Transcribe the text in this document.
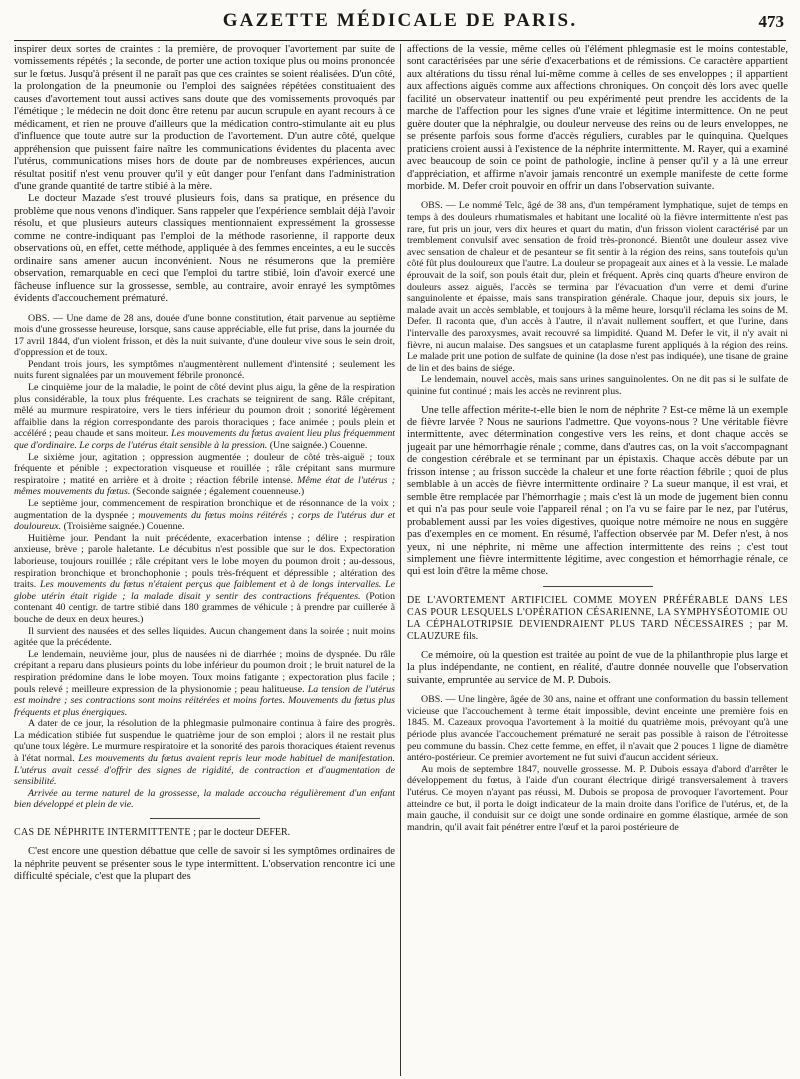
GAZETTE MÉDICALE DE PARIS.	473

inspirer deux sortes de craintes : la première, de provoquer l'avortement par suite de vomissements répétés ; la seconde, de porter une action toxique plus ou moins prononcée sur le fœtus. Jusqu'à présent il ne paraît pas que ces craintes se soient réalisées. D'un côté, la prolongation de la pneumonie ou l'emploi des saignées répétées constituaient des causes d'avortement tout aussi actives sans doute que des vomissements provoqués par l'émétique ; le médecin ne doit donc être retenu par aucun scrupule en ayant recours à ce médicament, et rien ne prouve d'ailleurs que la médication contro-stimulante ait eu plus d'influence que toute autre sur la production de l'avortement. D'un autre côté, quelque appréhension que puissent faire naître les communications évidentes du placenta avec l'utérus, communications mises hors de doute par de nombreuses expériences, aucun résultat positif n'est venu prouver qu'il y eût danger pour l'enfant dans l'administration d'une grande quantité de tartre stibié à la mère.

Le docteur Mazade s'est trouvé plusieurs fois, dans sa pratique, en présence du problème que nous venons d'indiquer. Sans rappeler que l'expérience semblait déjà l'avoir résolu, et que plusieurs auteurs classiques mentionnaient expressément la grossesse comme ne contre-indiquant pas l'emploi de la méthode rasorienne, il rapporte deux observations où, en effet, cette méthode, appliquée à des femmes enceintes, a eu le succès ordinaire sans amener aucun inconvénient. Nous ne résumerons que la première observation, remarquable en ceci que l'emploi du tartre stibié, loin d'avoir exercé une fâcheuse influence sur la grossesse, semble, au contraire, avoir enrayé les symptômes évidents d'accouchement prématuré.

OBS. — Une dame de 28 ans, douée d'une bonne constitution, était parvenue au septième mois d'une grossesse heureuse, lorsque, sans cause appréciable, elle fut prise, dans la journée du 17 avril 1844, d'un violent frisson, et dès la nuit suivante, d'une douleur vive sous le sein droit, d'oppression et de toux.

Pendant trois jours, les symptômes n'augmentèrent nullement d'intensité ; seulement les nuits furent signalées par un mouvement fébrile prononcé.

Le cinquième jour de la maladie, le point de côté devint plus aigu, la gêne de la respiration plus considérable, la toux plus fréquente. Les crachats se teignirent de sang. Râle crépitant, mêlé au murmure respiratoire, vers le tiers inférieur du poumon droit ; sonorité légèrement affaiblie dans la région correspondante des parois thoraciques ; face animée ; pouls plein et accéléré ; peau chaude et sans moiteur. Les mouvements du fœtus avaient lieu plus fréquemment que d'ordinaire. Le corps de l'utérus était sensible à la pression. (Une saignée.) Couenne.

Le sixième jour, agitation ; oppression augmentée ; douleur de côté très-aiguë ; toux fréquente et pénible ; expectoration visqueuse et rouillée ; râle crépitant sans murmure respiratoire ; matité en arrière et à droite ; réaction fébrile intense. Même état de l'utérus ; mêmes mouvements du fœtus. (Seconde saignée ; également couenneuse.)

Le septième jour, commencement de respiration bronchique et de résonnance de la voix ; augmentation de la dyspnée ; mouvements du fœtus moins réitérés ; corps de l'utérus dur et douloureux. (Troisième saignée.) Couenne.

Huitième jour. Pendant la nuit précédente, exacerbation intense ; délire ; respiration anxieuse, brève ; parole haletante. Le décubitus n'est possible que sur le dos. Expectoration laborieuse, toujours rouillée ; râle crépitant vers le lobe moyen du poumon droit ; au-dessous, respiration bronchique et bronchophonie ; pouls très-fréquent et dépressible ; altération des traits. Les mouvements du fœtus n'étaient perçus que faiblement et à de longs intervalles. Le globe utérin était rigide ; la malade disait y sentir des contractions fréquentes. (Potion contenant 40 centigr. de tartre stibié dans 180 grammes de véhicule ; à prendre par cuillerée à bouche de deux en deux heures.)

Il survient des nausées et des selles liquides. Aucun changement dans la soirée ; nuit moins agitée que la précédente.

Le lendemain, neuvième jour, plus de nausées ni de diarrhée ; moins de dyspnée. Du râle crépitant a reparu dans plusieurs points du lobe inférieur du poumon droit ; le bruit naturel de la respiration prédomine dans le lobe moyen. Toux moins fatigante ; expectoration plus facile ; pouls relevé ; meilleure expression de la physionomie ; peau halitueuse. La tension de l'utérus est moindre ; ses contractions sont moins réitérées et moins fortes. Mouvements du fœtus plus fréquents et plus énergiques.

A dater de ce jour, la résolution de la phlegmasie pulmonaire continua à faire des progrès. La médication stibiée fut suspendue le quatrième jour de son emploi ; alors il ne restait plus qu'une toux légère. Le murmure respiratoire et la sonorité des parois thoraciques étaient revenus à l'état normal. Les mouvements du fœtus avaient repris leur mode habituel de manifestation. L'utérus avait cessé d'offrir des signes de rigidité, de contraction et d'augmentation de sensibilité.

Arrivée au terme naturel de la grossesse, la malade accoucha régulièrement d'un enfant bien développé et plein de vie.

CAS DE NÉPHRITE INTERMITTENTE ; par le docteur DEFER.

C'est encore une question débattue que celle de savoir si les symptômes ordinaires de la néphrite peuvent se présenter sous le type intermittent. L'observation rencontre ici une difficulté spéciale, c'est que la plupart des

affections de la vessie, même celles où l'élément phlegmasie est le moins contestable, sont caractérisées par une série d'exacerbations et de rémissions. Ce caractère appartient aux altérations du tissu rénal lui-même comme à celles de ses enveloppes ; il appartient aux affections aiguës comme aux affections chroniques. On conçoit dès lors avec quelle facilité un observateur inattentif ou peu expérimenté peut prendre les accidents de la marche de l'affection pour les signes d'une vraie et légitime intermittence. On ne peut guère douter que la néphralgie, ou douleur nerveuse des reins ou de leurs enveloppes, ne se présente parfois sous forme d'accès réguliers, curables par le quinquina. Quelques praticiens croient aussi à l'existence de la néphrite intermittente. M. Rayer, qui a examiné avec beaucoup de soin ce point de pathologie, incline à penser qu'il y a là une erreur d'appréciation, et affirme n'avoir jamais rencontré un exemple manifeste de cette forme morbide. M. Defer croit pouvoir en offrir un dans l'observation suivante.

OBS. — Le nommé Telc, âgé de 38 ans, d'un tempérament lymphatique, sujet de temps en temps à des douleurs rhumatismales et habitant une localité où la fièvre intermittente n'est pas rare, fut pris un jour, vers dix heures et quart du matin, d'un frisson violent caractérisé par un tremblement convulsif avec sensation de froid très-prononcé. Bientôt une douleur assez vive avec sensation de chaleur et de pesanteur se fit sentir à la région des reins, sans toutefois qu'un côté fût plus douloureux que l'autre. La douleur se propageait aux aines et à la vessie. Le malade éprouvait de la soif, son pouls était dur, plein et fréquent. Après cinq quarts d'heure environ de douleurs assez aiguës, l'accès se termina par l'évacuation d'un verre et demi d'urine sanguinolente et épaisse, mais sans transpiration générale. Chaque jour, depuis six jours, le malade avait un accès semblable, et toujours à la même heure, lorsqu'il réclama les soins de M. Defer. Il raconta que, d'un accès à l'autre, il n'avait nullement souffert, et que l'urine, dans l'intervalle des paroxysmes, avait recouvré sa limpidité. Quand M. Defer le vit, il n'y avait ni fièvre, ni aucun malaise. Des sangsues et un cataplasme furent appliqués à la région des reins. Le malade prit une potion de sulfate de quinine (la dose n'est pas indiquée), une tisane de graine de lin et des bains de siége.

Le lendemain, nouvel accès, mais sans urines sanguinolentes. On ne dit pas si le sulfate de quinine fut continué ; mais les accès ne revinrent plus.

Une telle affection mérite-t-elle bien le nom de néphrite ? Est-ce même là un exemple de fièvre larvée ? Nous ne saurions l'admettre. Que voyons-nous ? Une véritable fièvre intermittente, avec détermination congestive vers les reins, et dont chaque accès se jugeait par une hémorrhagie rénale ; comme, dans d'autres cas, on la voit s'accompagnant de congestion cérébrale et se terminant par un épistaxis. Chaque accès débute par un frisson intense ; au frisson succède la chaleur et une forte réaction fébrile ; quoi de plus semblable à un accès de fièvre intermittente ordinaire ? La sueur manque, il est vrai, et semble être remplacée par l'hémorrhagie ; mais c'est là un mode de jugement bien connu et qui n'a pas pour seule voie l'appareil rénal ; on l'a vu se faire par le nez, par l'utérus, probablement aussi par les voies digestives, quoique notre mémoire ne nous en suggère pas d'exemples en ce moment. En résumé, l'affection observée par M. Defer n'est, à nos yeux, ni une néphrite, ni même une affection intermittente des reins ; c'est tout simplement une fièvre intermittente légitime, avec congestion et hémorrhagie rénale, ce qui est loin d'être la même chose.

DE L'AVORTEMENT ARTIFICIEL COMME MOYEN PRÉFÉRABLE DANS LES CAS POUR LESQUELS L'OPÉRATION CÉSARIENNE, LA SYMPHYSÉOTOMIE OU LA CÉPHALOTRIPSIE DEVIENDRAIENT PLUS TARD NÉCESSAIRES ; par M. CLAUZURE fils.

Ce mémoire, où la question est traitée au point de vue de la philanthropie plus large et la plus indépendante, ne contient, en réalité, d'autre donnée nouvelle que l'observation suivante, empruntée au service de M. P. Dubois.

OBS. — Une lingère, âgée de 30 ans, naine et offrant une conformation du bassin tellement vicieuse que l'accouchement à terme était impossible, devint enceinte une première fois en 1845. M. Cazeaux provoqua l'avortement à la moitié du quatrième mois, prévoyant qu'à une période plus avancée l'accouchement prématuré ne serait pas possible à raison de l'étroitesse peu commune du bassin. Chez cette femme, en effet, il n'avait que 2 pouces 1 ligne de diamètre antéro-postérieur. Ce premier avortement ne fut suivi d'aucun accident sérieux.

Au mois de septembre 1847, nouvelle grossesse. M. P. Dubois essaya d'abord d'arrêter le développement du fœtus, à l'aide d'un courant électrique dirigé transversalement à travers l'utérus. Ce moyen n'ayant pas réussi, M. Dubois se proposa de provoquer l'avortement. Pour atteindre ce but, il porta le doigt indicateur de la main droite dans l'orifice de l'utérus, et, de la main gauche, il conduisit sur ce doigt une sonde ordinaire en gomme élastique, armée de son mandrin, qu'il avait fait pénétrer entre l'œuf et la paroi postérieure de
